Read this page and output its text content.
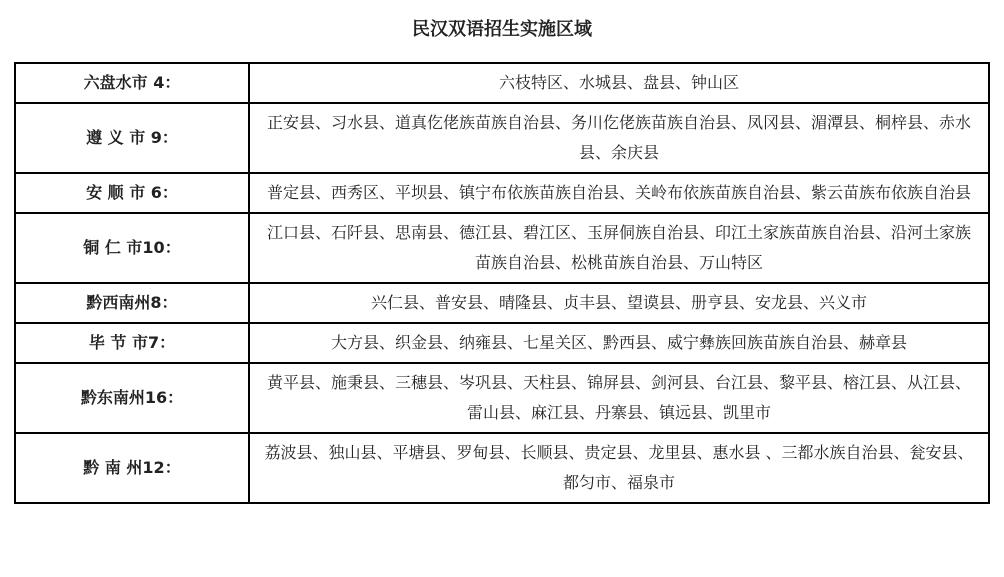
民汉双语招生实施区域
六盘水市 4：	六枝特区、水城县、盘县、钟山区
遵 义 市 9：	正安县、习水县、道真仡佬族苗族自治县、务川仡佬族苗族自治县、凤冈县、湄潭县、桐梓县、赤水县、余庆县
安 顺 市 6：	普定县、西秀区、平坝县、镇宁布依族苗族自治县、关岭布依族苗族自治县、紫云苗族布依族自治县
铜 仁 市10：	江口县、石阡县、思南县、德江县、碧江区、玉屏侗族自治县、印江土家族苗族自治县、沿河土家族苗族自治县、松桃苗族自治县、万山特区
黔西南州8：	兴仁县、普安县、晴隆县、贞丰县、望谟县、册亨县、安龙县、兴义市
毕 节 市7：	大方县、织金县、纳雍县、七星关区、黔西县、威宁彝族回族苗族自治县、赫章县
黔东南州16：	黄平县、施秉县、三穗县、岑巩县、天柱县、锦屏县、剑河县、台江县、黎平县、榕江县、从江县、雷山县、麻江县、丹寨县、镇远县、凯里市
黔 南 州12：	荔波县、独山县、平塘县、罗甸县、长顺县、贵定县、龙里县、惠水县 、三都水族自治县、瓮安县、都匀市、福泉市
